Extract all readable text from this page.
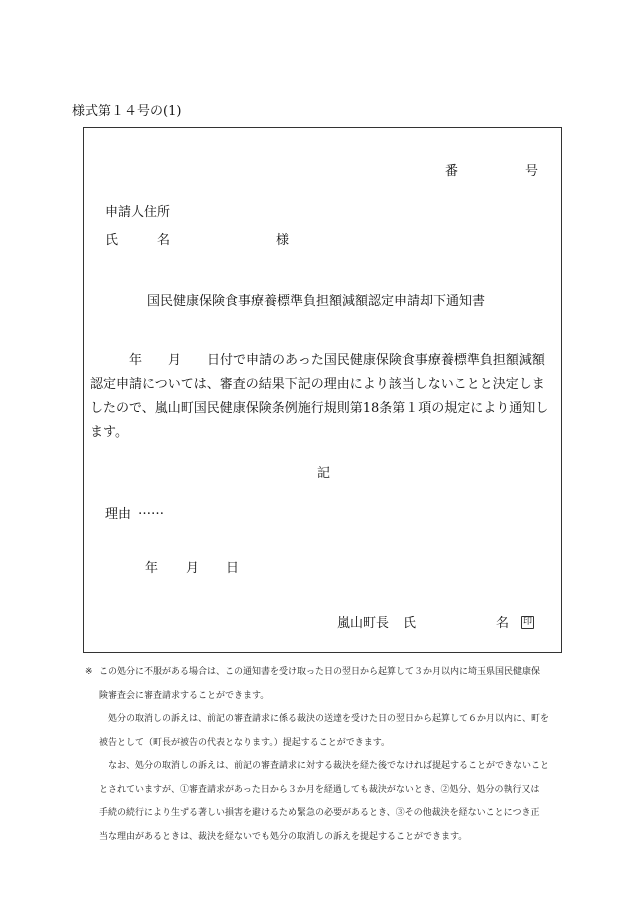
様式第１４号の(1)
番	号
申請人住所
氏	名	様
国民健康保険食事療養標準負担額減額認定申請却下通知書
　　　年　　月　　日付で申請のあった国民健康保険食事療養標準負担額減額
認定申請については、審査の結果下記の理由により該当しないことと決定しま
したので、嵐山町国民健康保険条例施行規則第18条第１項の規定により通知し
ます。
記
理由 ……
年 月 日
嵐山町長 氏	名 印
※ この処分に不服がある場合は、この通知書を受け取った日の翌日から起算して３か月以内に埼玉県国民健康保
険審査会に審査請求することができます。
　処分の取消しの訴えは、前記の審査請求に係る裁決の送達を受けた日の翌日から起算して６か月以内に、町を
被告として（町長が被告の代表となります。）提起することができます。
　なお、処分の取消しの訴えは、前記の審査請求に対する裁決を経た後でなければ提起することができないこと
とされていますが、①審査請求があった日から３か月を経過しても裁決がないとき、②処分、処分の執行又は
手続の続行により生ずる著しい損害を避けるため緊急の必要があるとき、③その他裁決を経ないことにつき正
当な理由があるときは、裁決を経ないでも処分の取消しの訴えを提起することができます。
